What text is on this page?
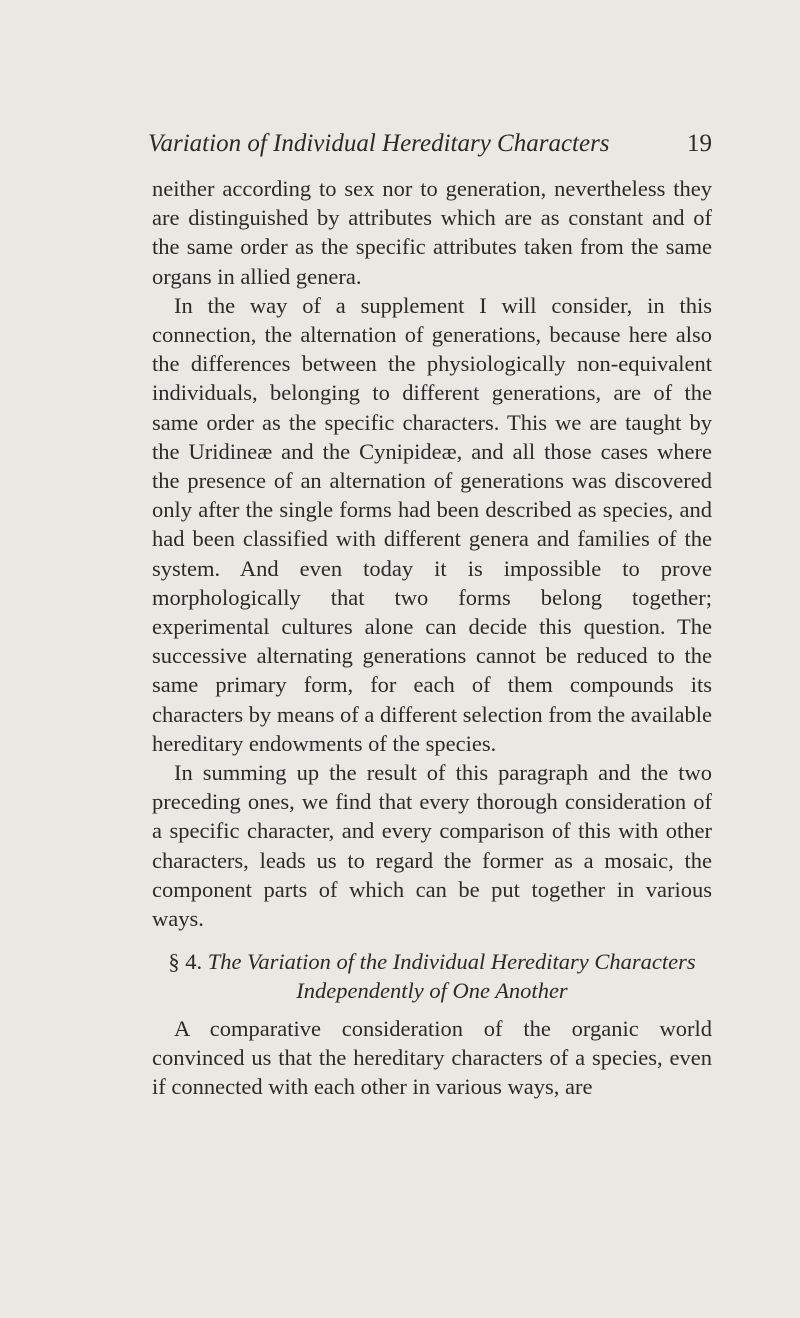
Variation of Individual Hereditary Characters	19

neither according to sex nor to generation, nevertheless they are distinguished by attributes which are as constant and of the same order as the specific attributes taken from the same organs in allied genera.

In the way of a supplement I will consider, in this connection, the alternation of generations, because here also the differences between the physiologically non-equivalent individuals, belonging to different generations, are of the same order as the specific characters. This we are taught by the Uridineæ and the Cynipideæ, and all those cases where the presence of an alternation of generations was discovered only after the single forms had been described as species, and had been classified with different genera and families of the system. And even today it is impossible to prove morphologically that two forms belong together; experimental cultures alone can decide this question. The successive alternating generations cannot be reduced to the same primary form, for each of them compounds its characters by means of a different selection from the available hereditary endowments of the species.

In summing up the result of this paragraph and the two preceding ones, we find that every thorough consideration of a specific character, and every comparison of this with other characters, leads us to regard the former as a mosaic, the component parts of which can be put together in various ways.

§ 4. The Variation of the Individual Hereditary Characters Independently of One Another

A comparative consideration of the organic world convinced us that the hereditary characters of a species, even if connected with each other in various ways, are
